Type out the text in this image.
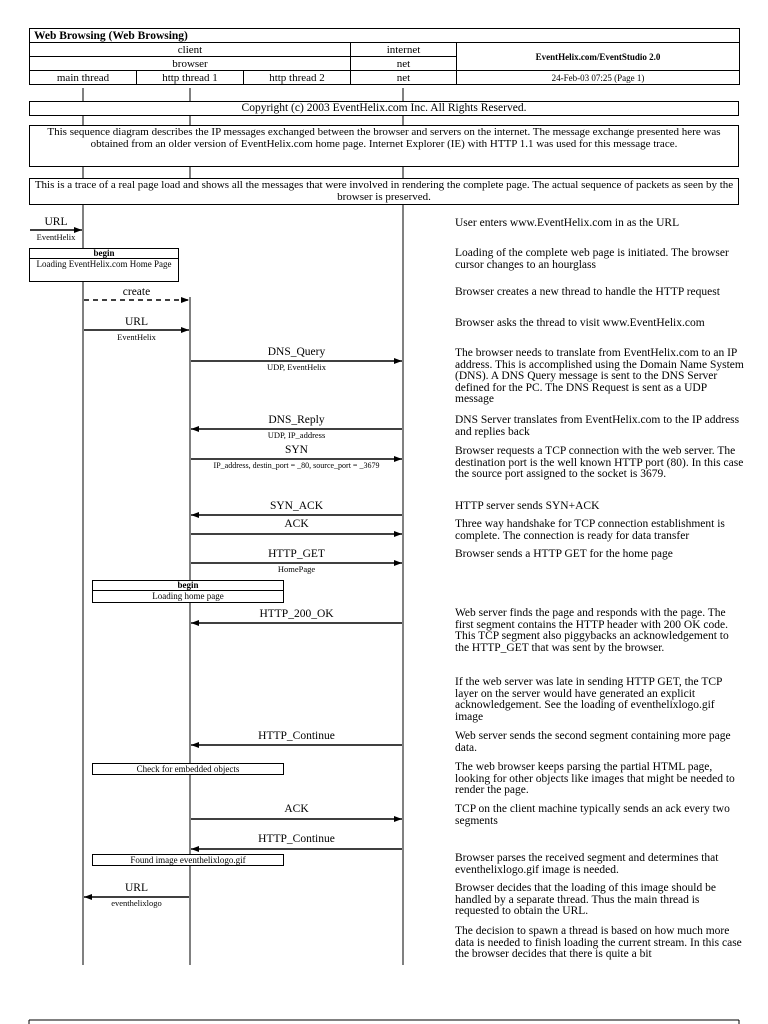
Web Browsing (Web Browsing)				
client			internet	EventHelix.com/EventStudio 2.0
browser			net	
main thread	http thread 1	http thread 2	net	24-Feb-03 07:25 (Page 1)
Copyright (c) 2003 EventHelix.com Inc. All Rights Reserved.
This sequence diagram describes the IP messages exchanged between the browser and servers on the internet. The message exchange presented here was obtained from an older version of EventHelix.com home page. Internet Explorer (IE) with HTTP 1.1 was used for this message trace.
This is a trace of a real page load and shows all the messages that were involved in rendering the complete page. The actual sequence of packets as seen by the browser is preserved.
URL
EventHelix
create
URL
EventHelix
DNS_Query
UDP, EventHelix
DNS_Reply
UDP, IP_address
SYN
IP_address, destin_port = _80, source_port = _3679
SYN_ACK
ACK
HTTP_GET
HomePage
HTTP_200_OK
HTTP_Continue
ACK
HTTP_Continue
URL
eventhelixlogo
begin
Loading EventHelix.com Home Page
begin
Loading home page
Check for embedded objects
Found image eventhelixlogo.gif
User enters www.EventHelix.com in as the URL
Loading of the complete web page is initiated. The browser cursor changes to an hourglass
Browser creates a new thread to handle the HTTP request
Browser asks the thread to visit www.EventHelix.com
The browser needs to translate from EventHelix.com to an IP address. This is accomplished using the Domain Name System (DNS). A DNS Query message is sent to the DNS Server defined for the PC. The DNS Request is sent as a UDP message
DNS Server translates from EventHelix.com to the IP address and replies back
Browser requests a TCP connection with the web server. The destination port is the well known HTTP port (80). In this case the source port assigned to the socket is 3679.
HTTP server sends SYN+ACK
Three way handshake for TCP connection establishment is complete. The connection is ready for data transfer
Browser sends a HTTP GET for the home page
Web server finds the page and responds with the page. The first segment contains the HTTP header with 200 OK code. This TCP segment also piggybacks an acknowledgement to the HTTP_GET that was sent by the browser.
If the web server was late in sending HTTP GET, the TCP layer on the server would have generated an explicit acknowledgement. See the loading of eventhelixlogo.gif image
Web server sends the second segment containing more page data.
The web browser keeps parsing the partial HTML page, looking for other objects like images that might be needed to render the page.
TCP on the client machine typically sends an ack every two segments
Browser parses the received segment and determines that eventhelixlogo.gif image is needed.
Browser decides that the loading of this image should be handled by a separate thread. Thus the main thread is requested to obtain the URL.
The decision to spawn a thread is based on how much more data is needed to finish loading the current stream. In this case the browser decides that there is quite a bit
